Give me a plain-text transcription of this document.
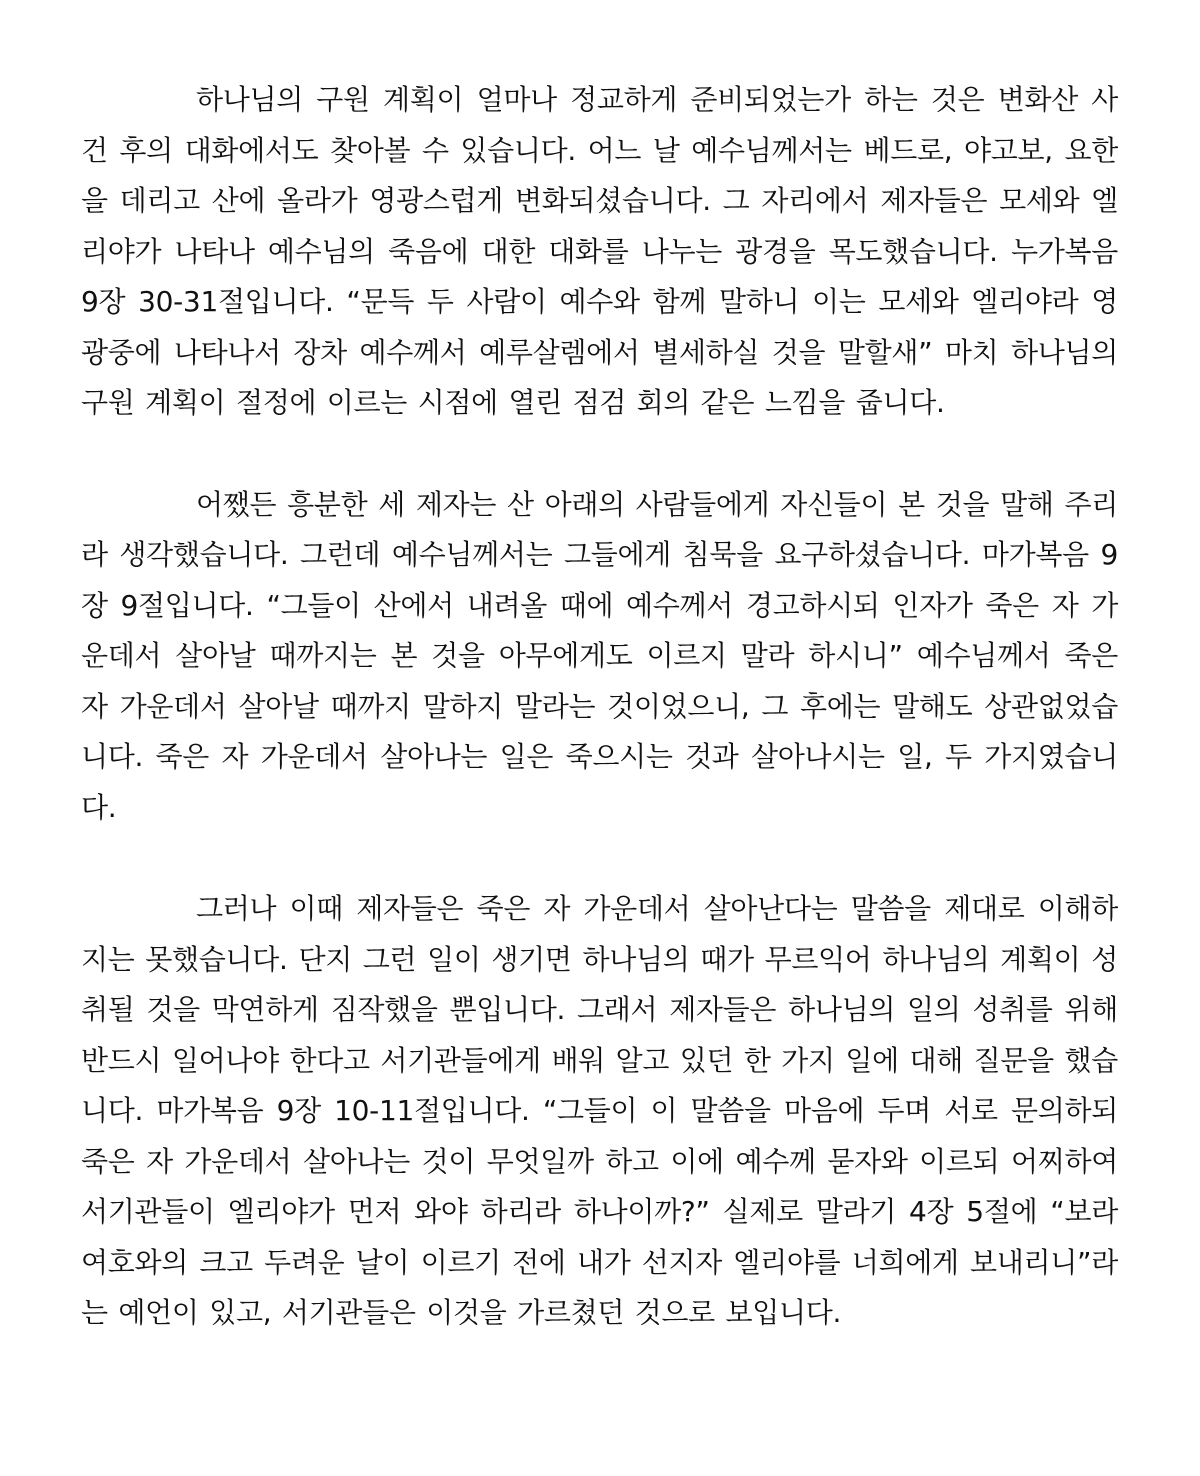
하나님의 구원 계획이 얼마나 정교하게 준비되었는가 하는 것은 변화산 사건 후의 대화에서도 찾아볼 수 있습니다. 어느 날 예수님께서는 베드로, 야고보, 요한을 데리고 산에 올라가 영광스럽게 변화되셨습니다. 그 자리에서 제자들은 모세와 엘리야가 나타나 예수님의 죽음에 대한 대화를 나누는 광경을 목도했습니다. 누가복음 9장 30-31절입니다. “문득 두 사람이 예수와 함께 말하니 이는 모세와 엘리야라 영광중에 나타나서 장차 예수께서 예루살렘에서 별세하실 것을 말할새” 마치 하나님의 구원 계획이 절정에 이르는 시점에 열린 점검 회의 같은 느낌을 줍니다.

어쨌든 흥분한 세 제자는 산 아래의 사람들에게 자신들이 본 것을 말해 주리라 생각했습니다. 그런데 예수님께서는 그들에게 침묵을 요구하셨습니다. 마가복음 9장 9절입니다. “그들이 산에서 내려올 때에 예수께서 경고하시되 인자가 죽은 자 가운데서 살아날 때까지는 본 것을 아무에게도 이르지 말라 하시니” 예수님께서 죽은 자 가운데서 살아날 때까지 말하지 말라는 것이었으니, 그 후에는 말해도 상관없었습니다. 죽은 자 가운데서 살아나는 일은 죽으시는 것과 살아나시는 일, 두 가지였습니다.

그러나 이때 제자들은 죽은 자 가운데서 살아난다는 말씀을 제대로 이해하지는 못했습니다. 단지 그런 일이 생기면 하나님의 때가 무르익어 하나님의 계획이 성취될 것을 막연하게 짐작했을 뿐입니다. 그래서 제자들은 하나님의 일의 성취를 위해 반드시 일어나야 한다고 서기관들에게 배워 알고 있던 한 가지 일에 대해 질문을 했습니다. 마가복음 9장 10-11절입니다. “그들이 이 말씀을 마음에 두며 서로 문의하되 죽은 자 가운데서 살아나는 것이 무엇일까 하고 이에 예수께 묻자와 이르되 어찌하여 서기관들이 엘리야가 먼저 와야 하리라 하나이까?” 실제로 말라기 4장 5절에 “보라 여호와의 크고 두려운 날이 이르기 전에 내가 선지자 엘리야를 너희에게 보내리니”라는 예언이 있고, 서기관들은 이것을 가르쳤던 것으로 보입니다.
